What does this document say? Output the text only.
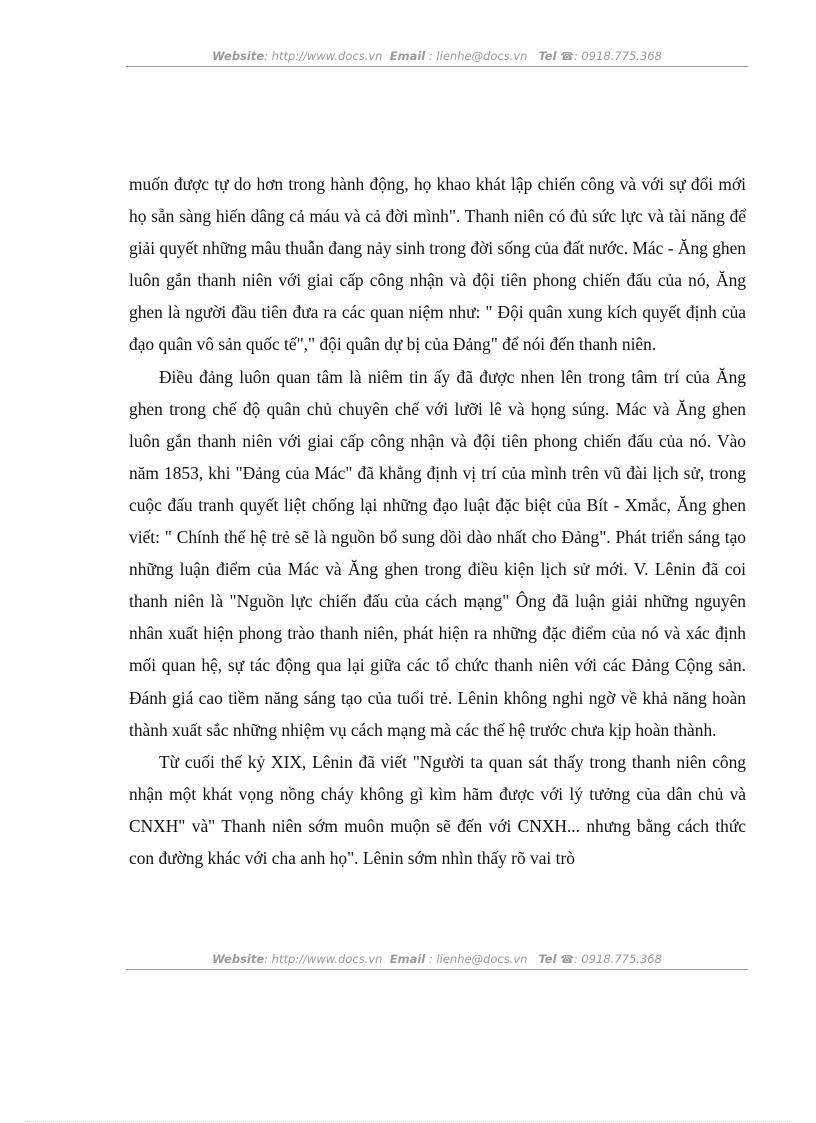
Website: http://www.docs.vn Email : lienhe@docs.vn Tel ☎: 0918.775.368

muốn được tự do hơn trong hành động, họ khao khát lập chiến công và với sự đổi mới họ sẵn sàng hiến dâng cả máu và cả đời mình". Thanh niên có đủ sức lực và tài năng để giải quyết những mâu thuẫn đang nảy sinh trong đời sống của đất nước. Mác - Ăng ghen luôn gắn thanh niên với giai cấp công nhận và đội tiên phong chiến đấu của nó, Ăng ghen là người đầu tiên đưa ra các quan niệm như: " Đội quân xung kích quyết định của đạo quân vô sản quốc tế"," đội quân dự bị của Đảng" để nói đến thanh niên.

Điều đảng luôn quan tâm là niêm tin ấy đã được nhen lên trong tâm trí của Ăng ghen trong chế độ quân chủ chuyên chế với lưỡi lê và họng súng. Mác và Ăng ghen luôn gắn thanh niên với giai cấp công nhận và đội tiên phong chiến đấu của nó. Vào năm 1853, khi "Đảng của Mác" đã khẳng định vị trí của mình trên vũ đài lịch sử, trong cuộc đấu tranh quyết liệt chống lại những đạo luật đặc biệt của Bít - Xmắc, Ăng ghen viết: " Chính thế hệ trẻ sẽ là nguồn bổ sung dồi dào nhất cho Đảng". Phát triển sáng tạo những luận điểm của Mác và Ăng ghen trong điều kiện lịch sử mới. V. Lênin đã coi thanh niên là "Nguồn lực chiến đấu của cách mạng" Ông đã luận giải những nguyên nhân xuất hiện phong trào thanh niên, phát hiện ra những đặc điểm của nó và xác định mối quan hệ, sự tác động qua lại giữa các tổ chức thanh niên với các Đảng Cộng sản. Đánh giá cao tiềm năng sáng tạo của tuổi trẻ. Lênin không nghi ngờ về khả năng hoàn thành xuất sắc những nhiệm vụ cách mạng mà các thế hệ trước chưa kịp hoàn thành.

Từ cuối thế kỷ XIX, Lênin đã viết "Người ta quan sát thấy trong thanh niên công nhận một khát vọng nồng cháy không gì kìm hãm được với lý tưởng của dân chủ và CNXH" và" Thanh niên sớm muôn muộn sẽ đến với CNXH... nhưng bằng cách thức con đường khác với cha anh họ". Lênin sớm nhìn thấy rõ vai trò

Website: http://www.docs.vn Email : lienhe@docs.vn Tel ☎: 0918.775.368
